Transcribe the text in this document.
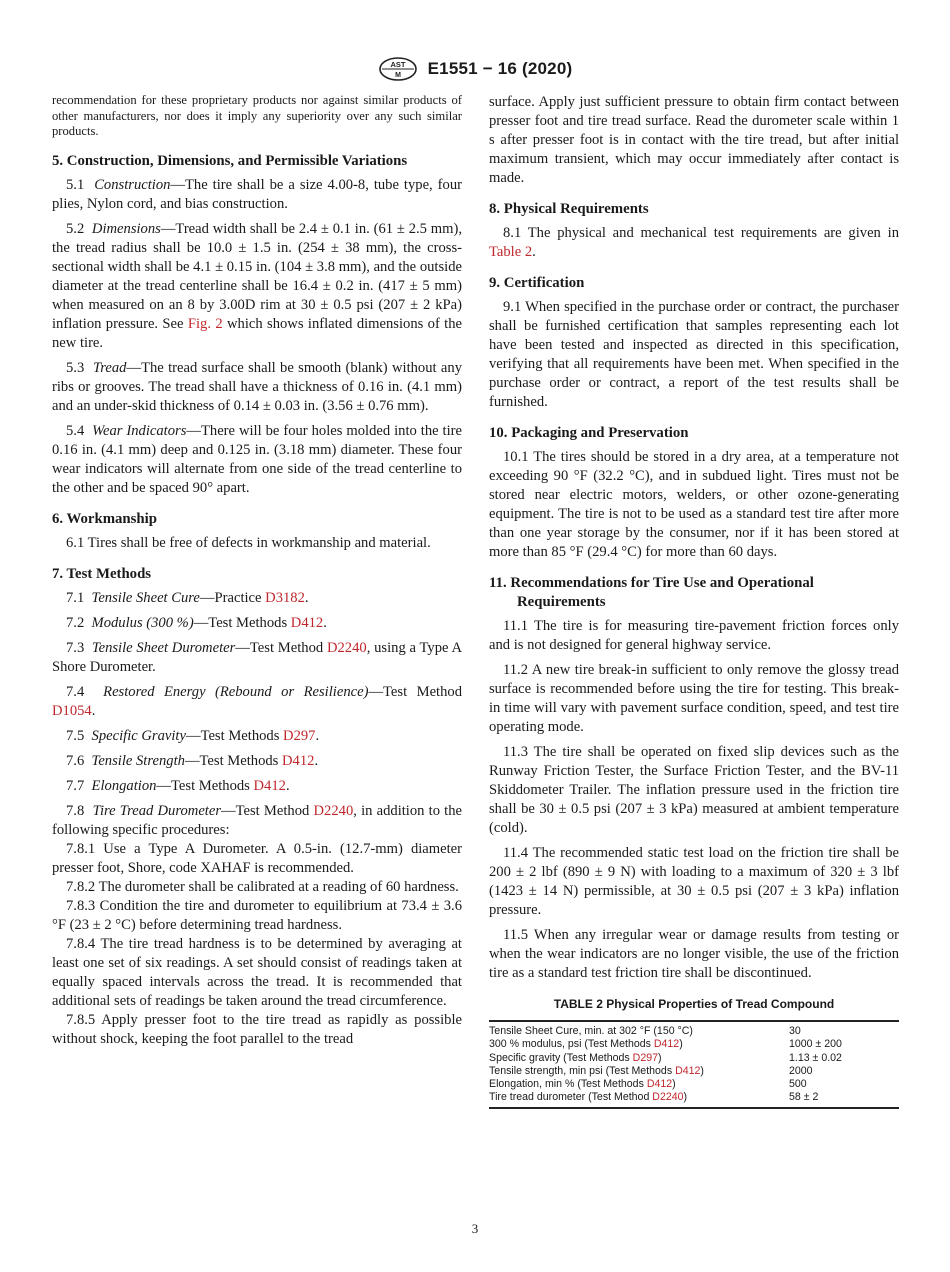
AST
M E1551 − 16 (2020)

recommendation for these proprietary products nor against similar products of other manufacturers, nor does it imply any superiority over any such similar products.

5. Construction, Dimensions, and Permissible Variations

5.1 Construction—The tire shall be a size 4.00-8, tube type, four plies, Nylon cord, and bias construction.

5.2 Dimensions—Tread width shall be 2.4 ± 0.1 in. (61 ± 2.5 mm), the tread radius shall be 10.0 ± 1.5 in. (254 ± 38 mm), the cross-sectional width shall be 4.1 ± 0.15 in. (104 ± 3.8 mm), and the outside diameter at the tread centerline shall be 16.4 ± 0.2 in. (417 ± 5 mm) when measured on an 8 by 3.00D rim at 30 ± 0.5 psi (207 ± 2 kPa) inflation pressure. See Fig. 2 which shows inflated dimensions of the new tire.

5.3 Tread—The tread surface shall be smooth (blank) without any ribs or grooves. The tread shall have a thickness of 0.16 in. (4.1 mm) and an under-skid thickness of 0.14 ± 0.03 in. (3.56 ± 0.76 mm).

5.4 Wear Indicators—There will be four holes molded into the tire 0.16 in. (4.1 mm) deep and 0.125 in. (3.18 mm) diameter. These four wear indicators will alternate from one side of the tread centerline to the other and be spaced 90° apart.

6. Workmanship

6.1 Tires shall be free of defects in workmanship and material.

7. Test Methods

7.1 Tensile Sheet Cure—Practice D3182.

7.2 Modulus (300 %)—Test Methods D412.

7.3 Tensile Sheet Durometer—Test Method D2240, using a Type A Shore Durometer.

7.4 Restored Energy (Rebound or Resilience)—Test Method D1054.

7.5 Specific Gravity—Test Methods D297.

7.6 Tensile Strength—Test Methods D412.

7.7 Elongation—Test Methods D412.

7.8 Tire Tread Durometer—Test Method D2240, in addition to the following specific procedures:

7.8.1 Use a Type A Durometer. A 0.5-in. (12.7-mm) diameter presser foot, Shore, code XAHAF is recommended.

7.8.2 The durometer shall be calibrated at a reading of 60 hardness.

7.8.3 Condition the tire and durometer to equilibrium at 73.4 ± 3.6 °F (23 ± 2 °C) before determining tread hardness.

7.8.4 The tire tread hardness is to be determined by averaging at least one set of six readings. A set should consist of readings taken at equally spaced intervals across the tread. It is recommended that additional sets of readings be taken around the tread circumference.

7.8.5 Apply presser foot to the tire tread as rapidly as possible without shock, keeping the foot parallel to the tread

surface. Apply just sufficient pressure to obtain firm contact between presser foot and tire tread surface. Read the durometer scale within 1 s after presser foot is in contact with the tire tread, but after initial maximum transient, which may occur immediately after contact is made.

8. Physical Requirements

8.1 The physical and mechanical test requirements are given in Table 2.

9. Certification

9.1 When specified in the purchase order or contract, the purchaser shall be furnished certification that samples representing each lot have been tested and inspected as directed in this specification, verifying that all requirements have been met. When specified in the purchase order or contract, a report of the test results shall be furnished.

10. Packaging and Preservation

10.1 The tires should be stored in a dry area, at a temperature not exceeding 90 °F (32.2 °C), and in subdued light. Tires must not be stored near electric motors, welders, or other ozone-generating equipment. The tire is not to be used as a standard test tire after more than one year storage by the consumer, nor if it has been stored at more than 85 °F (29.4 °C) for more than 60 days.

11. Recommendations for Tire Use and Operational Requirements

11.1 The tire is for measuring tire-pavement friction forces only and is not designed for general highway service.

11.2 A new tire break-in sufficient to only remove the glossy tread surface is recommended before using the tire for testing. This break-in time will vary with pavement surface condition, speed, and test tire operating mode.

11.3 The tire shall be operated on fixed slip devices such as the Runway Friction Tester, the Surface Friction Tester, and the BV-11 Skiddometer Trailer. The inflation pressure used in the friction tire shall be 30 ± 0.5 psi (207 ± 3 kPa) measured at ambient temperature (cold).

11.4 The recommended static test load on the friction tire shall be 200 ± 2 lbf (890 ± 9 N) with loading to a maximum of 320 ± 3 lbf (1423 ± 14 N) permissible, at 30 ± 0.5 psi (207 ± 3 kPa) inflation pressure.

11.5 When any irregular wear or damage results from testing or when the wear indicators are no longer visible, the use of the friction tire as a standard test friction tire shall be discontinued.

TABLE 2 Physical Properties of Tread Compound
Tensile Sheet Cure, min. at 302 °F (150 °C)	30
300 % modulus, psi (Test Methods D412)	1000 ± 200
Specific gravity (Test Methods D297)	1.13 ± 0.02
Tensile strength, min psi (Test Methods D412)	2000
Elongation, min % (Test Methods D412)	500
Tire tread durometer (Test Method D2240)	58 ± 2
3
